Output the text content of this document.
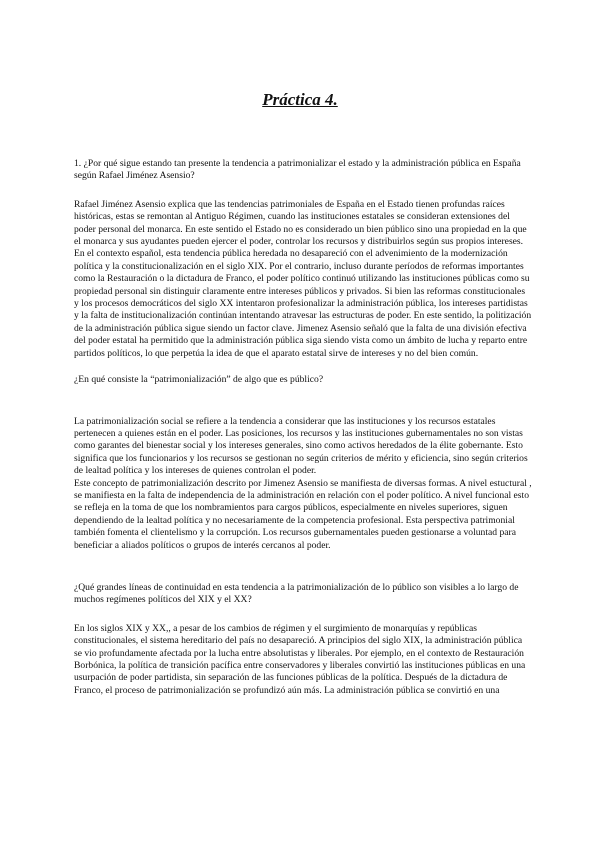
Práctica 4.

1. ¿Por qué sigue estando tan presente la tendencia a patrimonializar el estado y la administración pública en España según Rafael Jiménez Asensio?

Rafael Jiménez Asensio explica que las tendencias patrimoniales de España en el Estado tienen profundas raíces históricas, estas se remontan al Antiguo Régimen, cuando las instituciones estatales se consideran extensiones del poder personal del monarca. En este sentido el Estado no es considerado un bien público sino una propiedad en la que el monarca y sus ayudantes pueden ejercer el poder, controlar los recursos y distribuirlos según sus propios intereses. En el contexto español, esta tendencia pública heredada no desapareció con el advenimiento de la modernización política y la constitucionalización en el siglo XIX. Por el contrario, incluso durante períodos de reformas importantes como la Restauración o la dictadura de Franco, el poder político continuó utilizando las instituciones públicas como su propiedad personal sin distinguir claramente entre intereses públicos y privados. Si bien las reformas constitucionales y los procesos democráticos del siglo XX intentaron profesionalizar la administración pública, los intereses partidistas y la falta de institucionalización continúan intentando atravesar las estructuras de poder. En este sentido, la politización de la administración pública sigue siendo un factor clave. Jimenez Asensio señaló que la falta de una división efectiva del poder estatal ha permitido que la administración pública siga siendo vista como un ámbito de lucha y reparto entre partidos políticos, lo que perpetúa la idea de que el aparato estatal sirve de intereses y no del bien común.

¿En qué consiste la “patrimonialización” de algo que es público?

La patrimonialización social se refiere a la tendencia a considerar que las instituciones y los recursos estatales pertenecen a quienes están en el poder. Las posiciones, los recursos y las instituciones gubernamentales no son vistas como garantes del bienestar social y los intereses generales, sino como activos heredados de la élite gobernante. Esto significa que los funcionarios y los recursos se gestionan no según criterios de mérito y eficiencia, sino según criterios de lealtad política y los intereses de quienes controlan el poder.

Este concepto de patrimonialización descrito por Jimenez Asensio se manifiesta de diversas formas. A nivel estuctural , se manifiesta en la falta de independencia de la administración en relación con el poder político. A nivel funcional esto se refleja en la toma de que los nombramientos para cargos públicos, especialmente en niveles superiores, siguen dependiendo de la lealtad política y no necesariamente de la competencia profesional. Esta perspectiva patrimonial también fomenta el clientelismo y la corrupción. Los recursos gubernamentales pueden gestionarse a voluntad para beneficiar a aliados políticos o grupos de interés cercanos al poder.

¿Qué grandes líneas de continuidad en esta tendencia a la patrimonialización de lo público son visibles a lo largo de muchos regímenes políticos del XIX y el XX?

En los siglos XIX y XX,, a pesar de los cambios de régimen y el surgimiento de monarquías y repúblicas constitucionales, el sistema hereditario del país no desapareció. A principios del siglo XIX, la administración pública se vio profundamente afectada por la lucha entre absolutistas y liberales. Por ejemplo, en el contexto de Restauración Borbónica, la política de transición pacífica entre conservadores y liberales convirtió las instituciones públicas en una usurpación de poder partidista, sin separación de las funciones públicas de la política. Después de la dictadura de Franco, el proceso de patrimonialización se profundizó aún más. La administración pública se convirtió en una
